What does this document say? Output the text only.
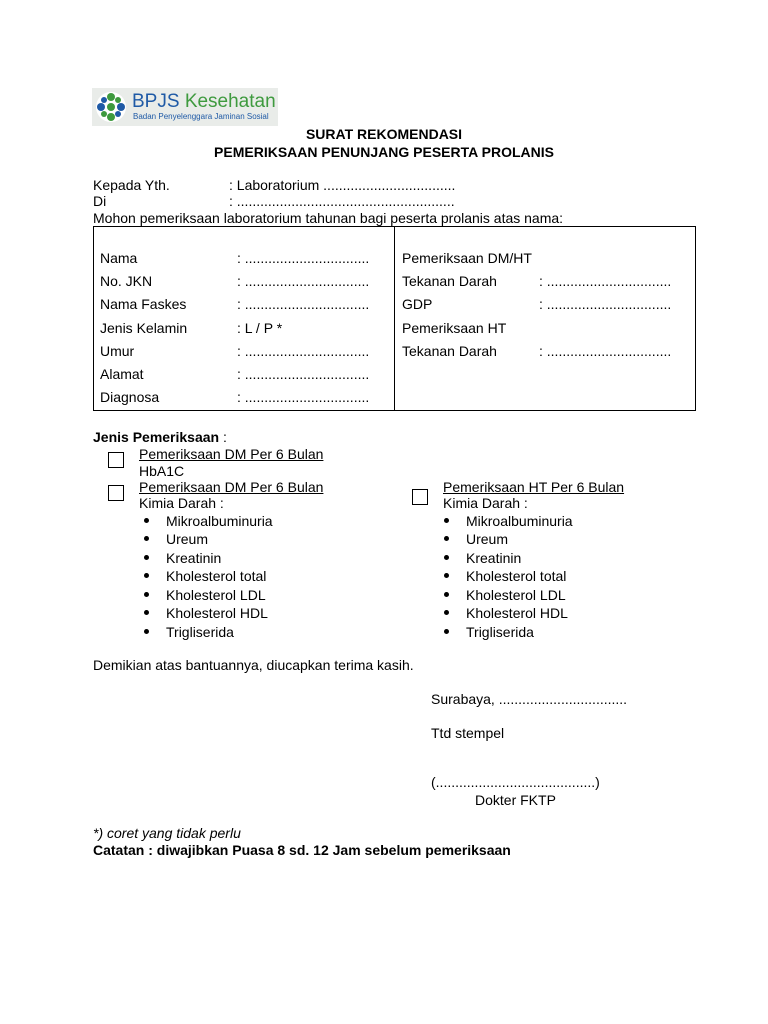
BPJS Kesehatan
Badan Penyelenggara Jaminan Sosial
SURAT REKOMENDASI
PEMERIKSAAN PENUNJANG PESERTA PROLANIS
Kepada Yth.	: Laboratorium ..................................
Di	: ........................................................
Mohon pemeriksaan laboratorium tahunan bagi peserta prolanis atas nama:
Nama	: ................................
No. JKN	: ................................
Nama Faskes	: ................................
Jenis Kelamin	: L / P *
Umur	: ................................
Alamat	: ................................
Diagnosa	: ................................
Pemeriksaan DM/HT
Tekanan Darah	: ................................
GDP	: ................................
Pemeriksaan HT
Tekanan Darah	: ................................
Jenis Pemeriksaan :
Pemeriksaan DM Per 6 Bulan
HbA1C
Pemeriksaan DM Per 6 Bulan
Kimia Darah :
Pemeriksaan HT Per 6 Bulan
Kimia Darah :
Mikroalbuminuria
Ureum
Kreatinin
Kholesterol total
Kholesterol LDL
Kholesterol HDL
Trigliserida
Mikroalbuminuria
Ureum
Kreatinin
Kholesterol total
Kholesterol LDL
Kholesterol HDL
Trigliserida
Demikian atas bantuannya, diucapkan terima kasih.
Surabaya, .................................
Ttd stempel
(.........................................)
Dokter FKTP
*) coret yang tidak perlu
Catatan : diwajibkan Puasa 8 sd. 12 Jam sebelum pemeriksaan
